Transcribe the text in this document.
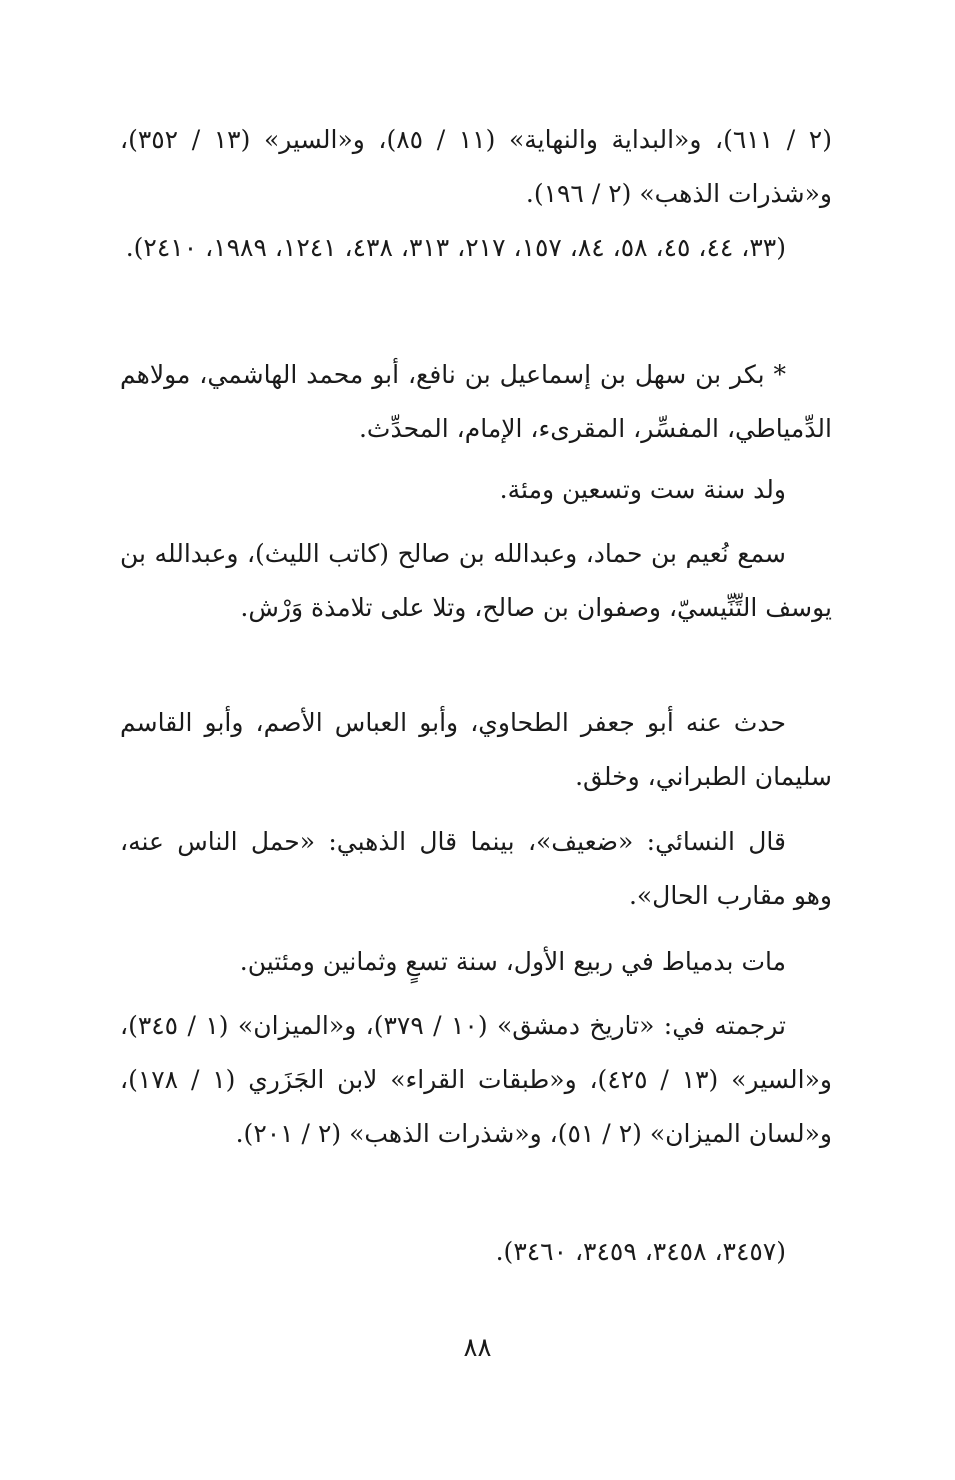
(٢ / ٦١١)، و«البداية والنهاية» (١١ / ٨٥)، و«السير» (١٣ / ٣٥٢)، و«شذرات الذهب» (٢ / ١٩٦).

(٣٣، ٤٤، ٤٥، ٥٨، ٨٤، ١٥٧، ٢١٧، ٣١٣، ٤٣٨، ١٢٤١، ١٩٨٩، ٢٤١٠).

* بكر بن سهل بن إسماعيل بن نافع، أبو محمد الهاشمي، مولاهم الدِّمياطي، المفسِّر، المقرىء، الإمام، المحدِّث.

ولد سنة ست وتسعين ومئة.

سمع نُعيم بن حماد، وعبدالله بن صالح (كاتب الليث)، وعبدالله بن يوسف التِّنِّيسيّ، وصفوان بن صالح، وتلا على تلامذة وَرْش.

حدث عنه أبو جعفر الطحاوي، وأبو العباس الأصم، وأبو القاسم سليمان الطبراني، وخلق.

قال النسائي: «ضعيف»، بينما قال الذهبي: «حمل الناس عنه، وهو مقارب الحال».

مات بدمياط في ربيع الأول، سنة تسعٍ وثمانين ومئتين.

ترجمته في: «تاريخ دمشق» (١٠ / ٣٧٩)، و«الميزان» (١ / ٣٤٥)، و«السير» (١٣ / ٤٢٥)، و«طبقات القراء» لابن الجَزَري (١ / ١٧٨)، و«لسان الميزان» (٢ / ٥١)، و«شذرات الذهب» (٢ / ٢٠١).

(٣٤٥٧، ٣٤٥٨، ٣٤٥٩، ٣٤٦٠).

٨٨
